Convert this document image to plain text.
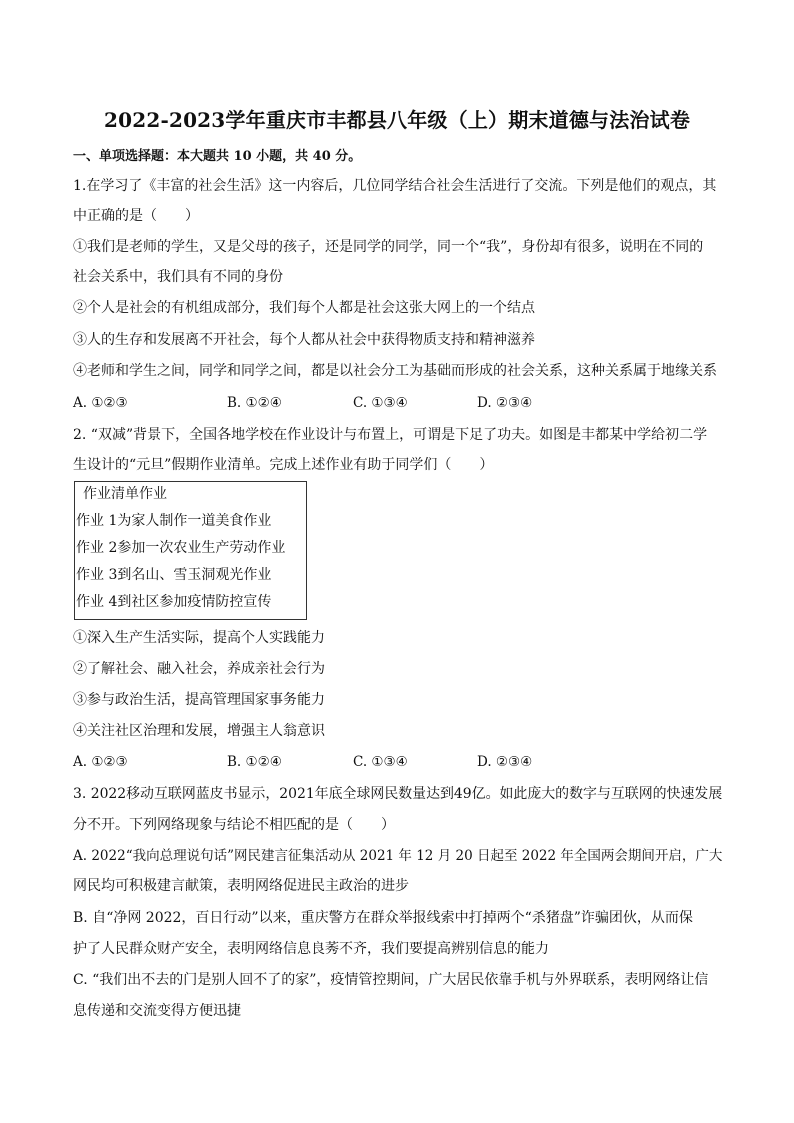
2022-2023学年重庆市丰都县八年级（上）期末道德与法治试卷
一、单项选择题：本大题共 10 小题，共 40 分。
1.在学习了《丰富的社会生活》这一内容后，几位同学结合社会生活进行了交流。下列是他们的观点，其
中正确的是（　　）
①我们是老师的学生，又是父母的孩子，还是同学的同学，同一个“我”，身份却有很多，说明在不同的
社会关系中，我们具有不同的身份
②个人是社会的有机组成部分，我们每个人都是社会这张大网上的一个结点
③人的生存和发展离不开社会，每个人都从社会中获得物质支持和精神滋养
④老师和学生之间，同学和同学之间，都是以社会分工为基础而形成的社会关系，这种关系属于地缘关系
A. ①②③	B. ①②④	C. ①③④	D. ②③④
2. “双减”背景下，全国各地学校在作业设计与布置上，可谓是下足了功夫。如图是丰都某中学给初二学
生设计的“元旦”假期作业清单。完成上述作业有助于同学们（　　）
作业清单作业
作业 1为家人制作一道美食作业
作业 2参加一次农业生产劳动作业
作业 3到名山、雪玉洞观光作业
作业 4到社区参加疫情防控宣传
①深入生产生活实际，提高个人实践能力
②了解社会、融入社会，养成亲社会行为
③参与政治生活，提高管理国家事务能力
④关注社区治理和发展，增强主人翁意识
A. ①②③	B. ①②④	C. ①③④	D. ②③④
3. 2022移动互联网蓝皮书显示，2021年底全球网民数量达到49亿。如此庞大的数字与互联网的快速发展
分不开。下列网络现象与结论不相匹配的是（　　）
A. 2022“我向总理说句话”网民建言征集活动从 2021 年 12 月 20 日起至 2022 年全国两会期间开启，广大
网民均可积极建言献策，表明网络促进民主政治的进步
B. 自“净网 2022，百日行动”以来，重庆警方在群众举报线索中打掉两个“杀猪盘”诈骗团伙，从而保
护了人民群众财产安全，表明网络信息良莠不齐，我们要提高辨别信息的能力
C. “我们出不去的门是别人回不了的家”，疫情管控期间，广大居民依靠手机与外界联系，表明网络让信
息传递和交流变得方便迅捷
